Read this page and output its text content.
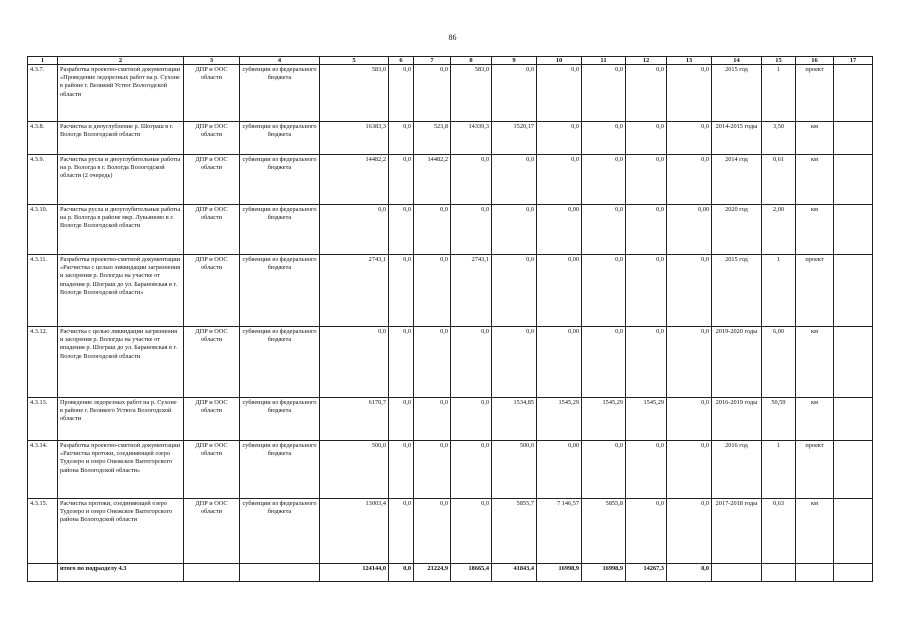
86
1	2	3	4	5	6	7	8	9	10	11	12	13	14	15	16	17
4.3.7.	Разработка проектно-сметной документации «Проведение ледорезных работ на р. Сухоне в районе г. Великий Устюг Вологодской области	ДПР и ООС области	субвенции из федерального бюджета	583,0	0,0	0,0	583,0	0,0	0,0	0,0	0,0	0,0	2015 год	1	проект	
4.3.8.	Расчистка и дноуглубление р. Шограш в г. Вологде Вологодской области	ДПР и ООС области	субвенции из федерального бюджета	16383,3	0,0	523,8	14339,3	1520,17	0,0	0,0	0,0	0,0	2014-2015 годы	3,50	км	
4.3.9.	Расчистка русла и дноуглубительные работы на р. Вологда в г. Вологда Вологодской области (2 очередь)	ДПР и ООС области	субвенции из федерального бюджета	14482,2	0,0	14482,2	0,0	0,0	0,0	0,0	0,0	0,0	2014 год	0,61	км	
4.3.10.	Расчистка русла и дноуглубительные работы на р. Вологда в районе мкр. Лукьяново в г. Вологде Вологодской области	ДПР и ООС области	субвенции из федерального бюджета	0,0	0,0	0,0	0,0	0,0	0,00	0,0	0,0	0,00	2020 год	2,00	км	
4.3.11.	Разработка проектно-сметной документации «Расчистка с целью ликвидации загрязнения и засорения р. Вологды на участке от впадения р. Шограш до ул. Барановская в г. Вологде Вологодской области»	ДПР и ООС области	субвенции из федерального бюджета	2743,1	0,0	0,0	2743,1	0,0	0,00	0,0	0,0	0,0	2015 год	1	проект	
4.3.12.	Расчистка с целью ликвидации загрязнения и засорения р. Вологды на участке от впадения р. Шограш до ул. Барановская в г. Вологде Вологодской области	ДПР и ООС области	субвенции из федерального бюджета	0,0	0,0	0,0	0,0	0,0	0,00	0,0	0,0	0,0	2019-2020 годы	6,00	км	
4.3.13.	Проведение ледорезных работ на р. Сухоне в районе г. Великого Устюга Вологодской области	ДПР и ООС области	субвенции из федерального бюджета	6170,7	0,0	0,0	0,0	1534,85	1545,29	1545,29	1545,29	0,0	2016-2019 годы	50,59	км	
4.3.14.	Разработка проектно-сметной документации «Расчистка протоки, соединяющей озеро Тудозеро и озеро Онежское Вытегорского района Вологодской области»	ДПР и ООС области	субвенции из федерального бюджета	500,0	0,0	0,0	0,0	500,0	0,00	0,0	0,0	0,0	2016 год	1	проект	
4.3.15.	Расчистка протоки, соединяющей озеро Тудозеро и озеро Онежское Вытегорского района Вологодской области	ДПР и ООС области	субвенции из федерального бюджета	13003,4	0,0	0,0	0,0	5855,7	7 146,57	5855,8	0,0	0,0	2017-2018 годы	0,63	км	
	итого по подразделу 4.3			124144,0	0,0	21224,9	18665,4	41843,4	16998,9	16998,9	14267,3	0,0				
